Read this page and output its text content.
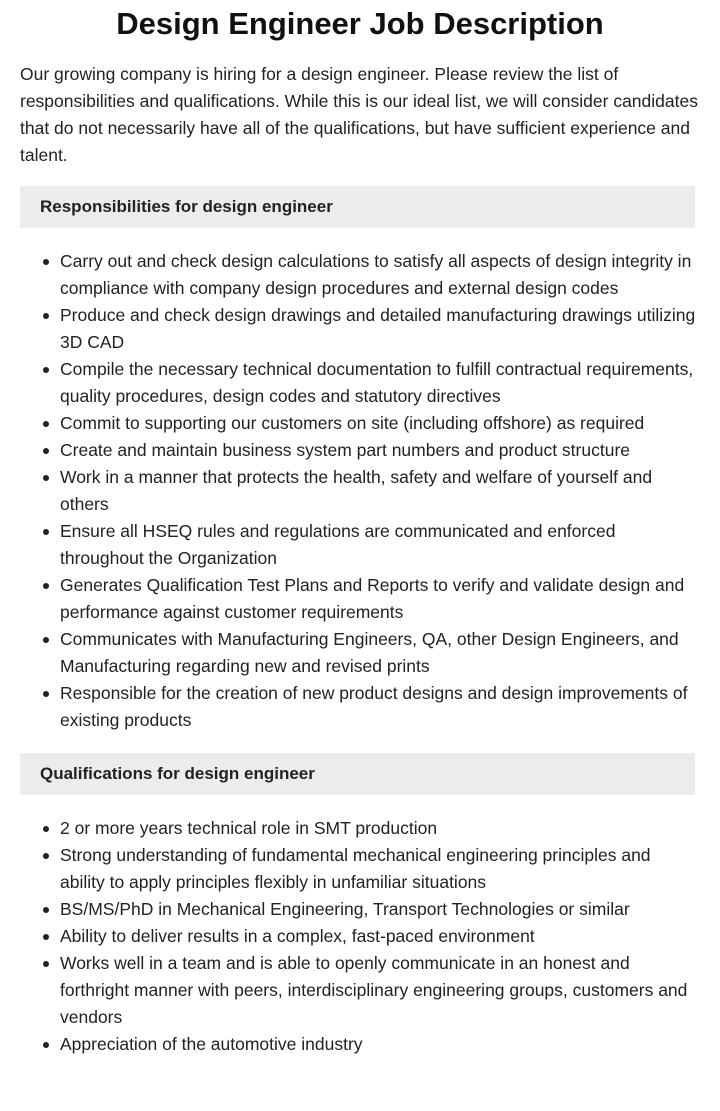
Design Engineer Job Description

Our growing company is hiring for a design engineer. Please review the list of responsibilities and qualifications. While this is our ideal list, we will consider candidates that do not necessarily have all of the qualifications, but have sufficient experience and talent.

Responsibilities for design engineer
Carry out and check design calculations to satisfy all aspects of design integrity in compliance with company design procedures and external design codes
Produce and check design drawings and detailed manufacturing drawings utilizing 3D CAD
Compile the necessary technical documentation to fulfill contractual requirements, quality procedures, design codes and statutory directives
Commit to supporting our customers on site (including offshore) as required
Create and maintain business system part numbers and product structure
Work in a manner that protects the health, safety and welfare of yourself and others
Ensure all HSEQ rules and regulations are communicated and enforced throughout the Organization
Generates Qualification Test Plans and Reports to verify and validate design and performance against customer requirements
Communicates with Manufacturing Engineers, QA, other Design Engineers, and Manufacturing regarding new and revised prints
Responsible for the creation of new product designs and design improvements of existing products
Qualifications for design engineer
2 or more years technical role in SMT production
Strong understanding of fundamental mechanical engineering principles and ability to apply principles flexibly in unfamiliar situations
BS/MS/PhD in Mechanical Engineering, Transport Technologies or similar
Ability to deliver results in a complex, fast-paced environment
Works well in a team and is able to openly communicate in an honest and forthright manner with peers, interdisciplinary engineering groups, customers and vendors
Appreciation of the automotive industry
